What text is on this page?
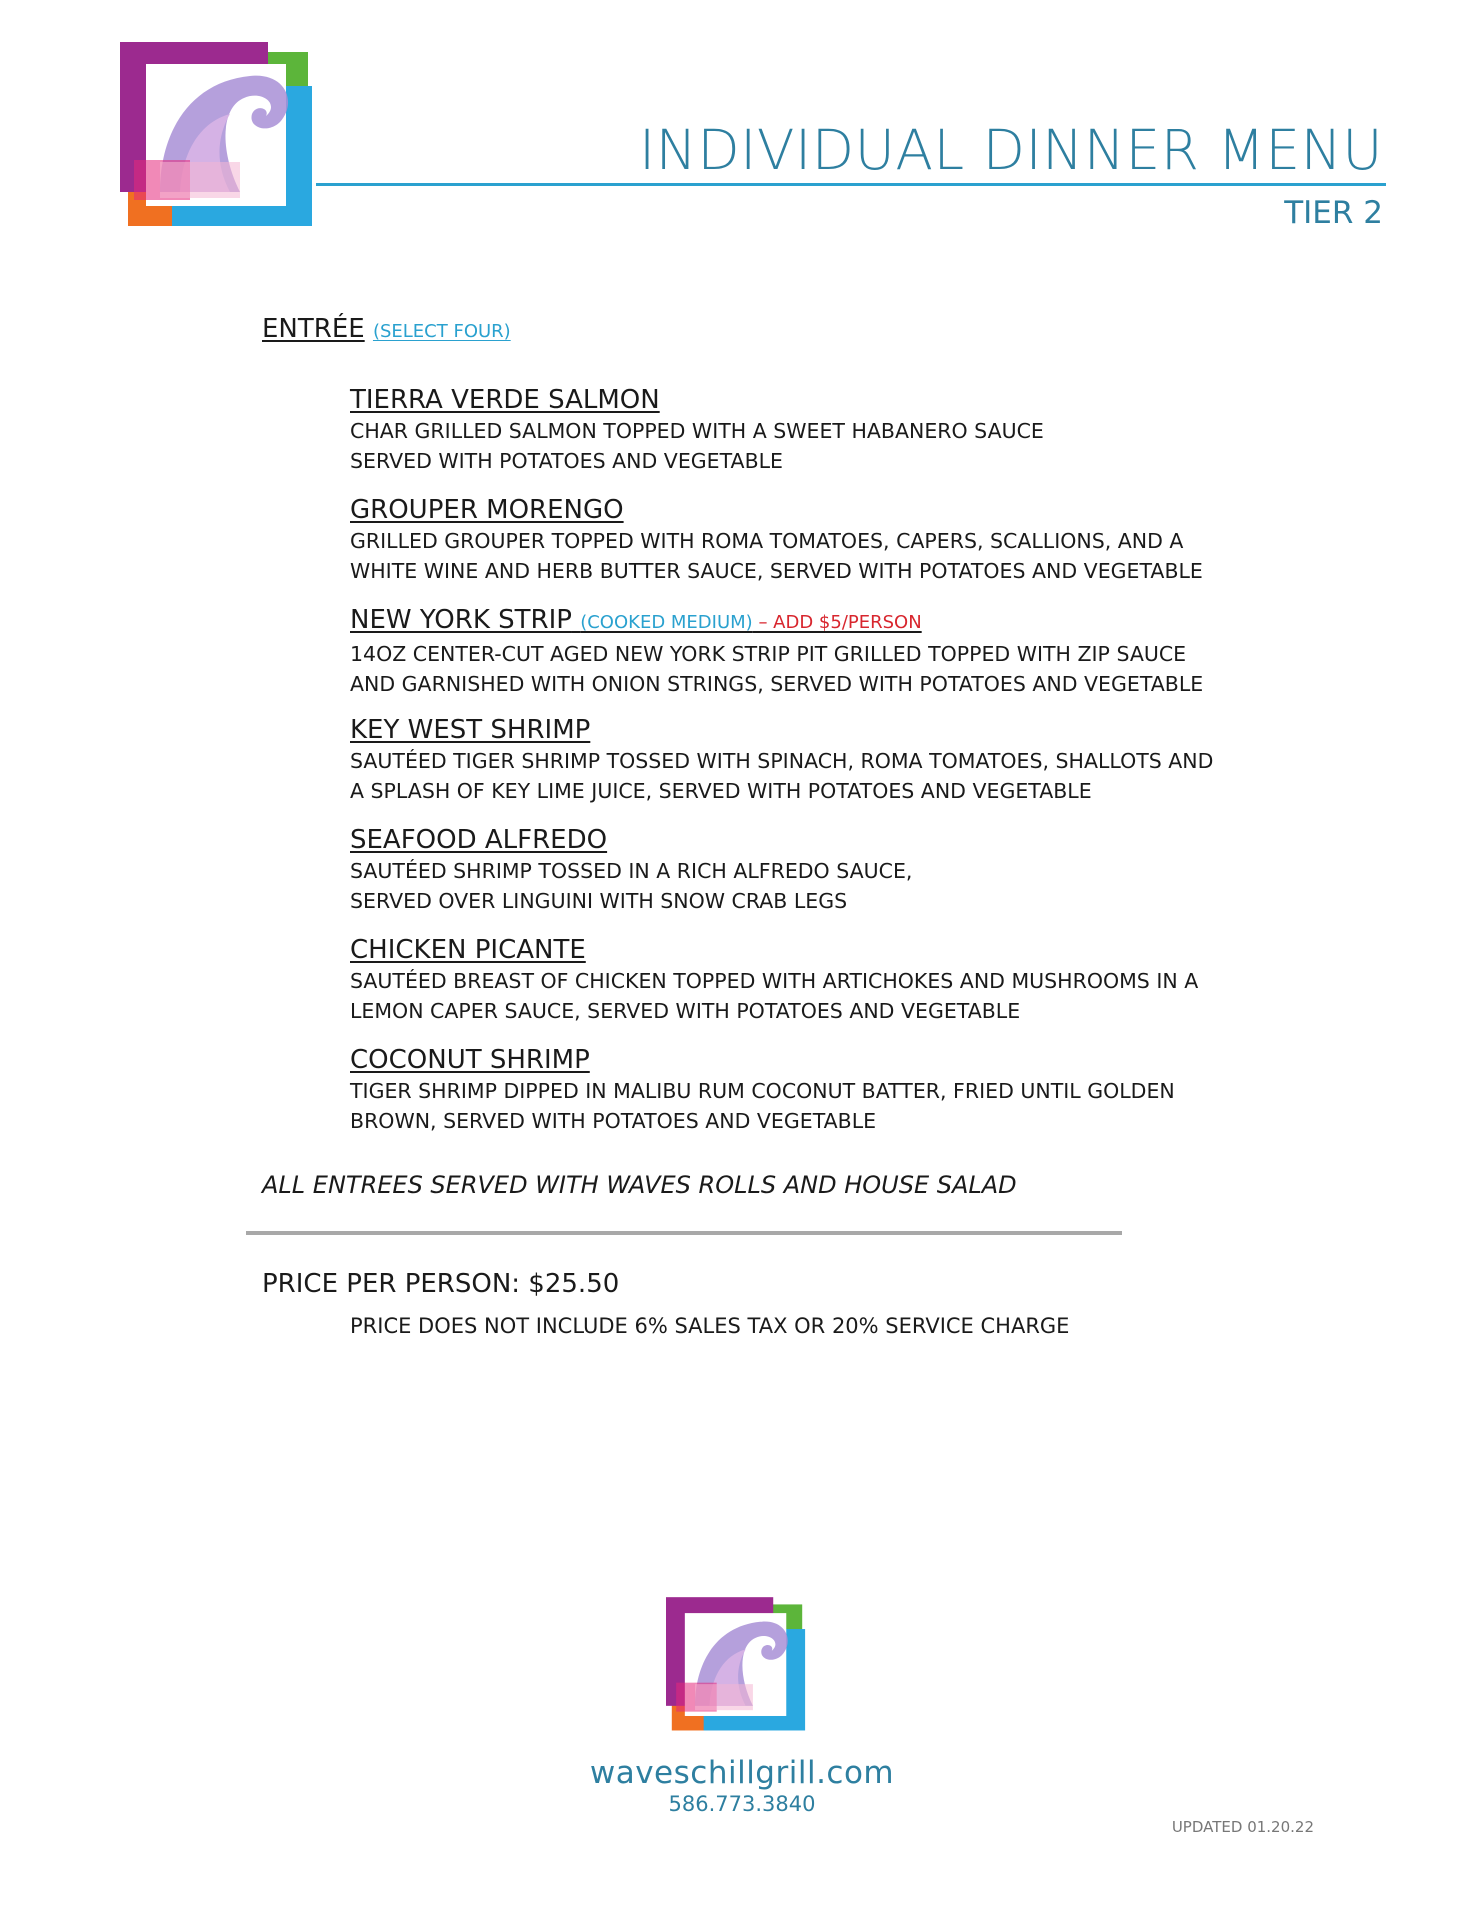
INDIVIDUAL DINNER MENU
TIER 2
ENTRÉE (SELECT FOUR)
TIERRA VERDE SALMON
CHAR GRILLED SALMON TOPPED WITH A SWEET HABANERO SAUCE
SERVED WITH POTATOES AND VEGETABLE
GROUPER MORENGO
GRILLED GROUPER TOPPED WITH ROMA TOMATOES, CAPERS, SCALLIONS, AND A
WHITE WINE AND HERB BUTTER SAUCE, SERVED WITH POTATOES AND VEGETABLE
NEW YORK STRIP (COOKED MEDIUM) – ADD $5/PERSON
14OZ CENTER-CUT AGED NEW YORK STRIP PIT GRILLED TOPPED WITH ZIP SAUCE
AND GARNISHED WITH ONION STRINGS, SERVED WITH POTATOES AND VEGETABLE
KEY WEST SHRIMP
SAUTÉED TIGER SHRIMP TOSSED WITH SPINACH, ROMA TOMATOES, SHALLOTS AND
A SPLASH OF KEY LIME JUICE, SERVED WITH POTATOES AND VEGETABLE
SEAFOOD ALFREDO
SAUTÉED SHRIMP TOSSED IN A RICH ALFREDO SAUCE,
SERVED OVER LINGUINI WITH SNOW CRAB LEGS
CHICKEN PICANTE
SAUTÉED BREAST OF CHICKEN TOPPED WITH ARTICHOKES AND MUSHROOMS IN A
LEMON CAPER SAUCE, SERVED WITH POTATOES AND VEGETABLE
COCONUT SHRIMP
TIGER SHRIMP DIPPED IN MALIBU RUM COCONUT BATTER, FRIED UNTIL GOLDEN
BROWN, SERVED WITH POTATOES AND VEGETABLE
ALL ENTREES SERVED WITH WAVES ROLLS AND HOUSE SALAD
PRICE PER PERSON: $25.50
PRICE DOES NOT INCLUDE 6% SALES TAX OR 20% SERVICE CHARGE
waveschillgrill.com
586.773.3840
UPDATED 01.20.22
